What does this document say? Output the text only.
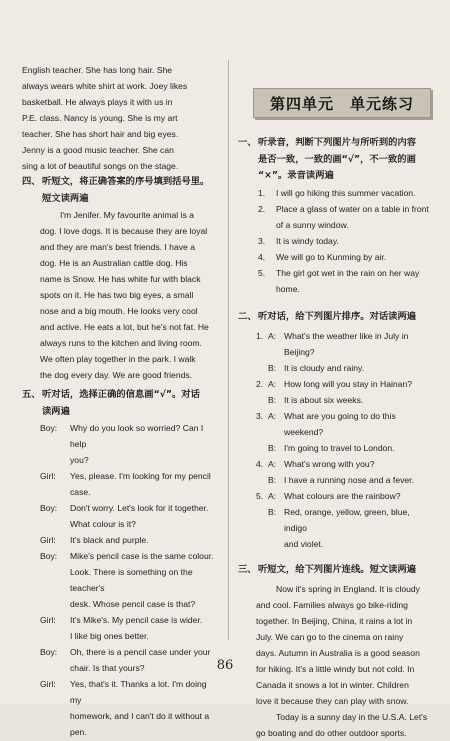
English teacher. She has long hair. She

always wears white shirt at work. Joey likes

basketball. He always plays it with us in

P.E. class. Nancy is young. She is my art

teacher. She has short hair and big eyes.

Jenny is a good music teacher. She can

sing a lot of beautiful songs on the stage.

四、听短文，将正确答案的序号填到括号里。
短文读两遍

I'm Jenifer. My favourite animal is a

dog. I love dogs. It is because they are loyal

and they are man's best friends. I have a

dog. He is an Australian cattle dog. His

name is Snow. He has white fur with black

spots on it. He has two big eyes, a small

nose and a big mouth. He looks very cool

and active. He eats a lot, but he's not fat. He

always runs to the kitchen and living room.

We often play together in the park. I walk

the dog every day. We are good friends.

五、听对话，选择正确的信息画“√”。对话
读两遍
Boy: Why do you look so worried? Can I help

you?

Girl: Yes, please. I'm looking for my pencil

case.

Boy: Don't worry. Let's look for it together.

What colour is it?

Girl: It's black and purple.

Boy: Mike's pencil case is the same colour.

Look. There is something on the teacher's

desk. Whose pencil case is that?

Girl: It's Mike's. My pencil case is wider.

I like big ones better.

Boy: Oh, there is a pencil case under your

chair. Is that yours?

Girl: Yes, that's it. Thanks a lot. I'm doing my

homework, and I can't do it without a pen.

第四单元　单元练习
一、听录音，判断下列图片与所听到的内容
是否一致，一致的画“√”，不一致的画
“×”。录音读两遍
1. I will go hiking this summer vacation.

2. Place a glass of water on a table in front

of a sunny window.

3. It is windy today.

4. We will go to Kunming by air.

5. The girl got wet in the rain on her way home.

二、听对话，给下列图片排序。对话读两遍
1. A: What's the weather like in July in Beijing?

B: It is cloudy and rainy.

2. A: How long will you stay in Hainan?

B: It is about six weeks.

3. A: What are you going to do this weekend?

B: I'm going to travel to London.

4. A: What's wrong with you?

B: I have a running nose and a fever.

5. A: What colours are the rainbow?

B: Red, orange, yellow, green, blue, indigo

and violet.

三、听短文，给下列图片连线。短文读两遍

Now it's spring in England. It is cloudy

and cool. Families always go bike-riding

together. In Beijing, China, it rains a lot in

July. We can go to the cinema on rainy

days. Autumn in Australia is a good season

for hiking. It's a little windy but not cold. In

Canada it snows a lot in winter. Children

love it because they can play with snow.

Today is a sunny day in the U.S.A. Let's

go boating and do other outdoor sports.

86
